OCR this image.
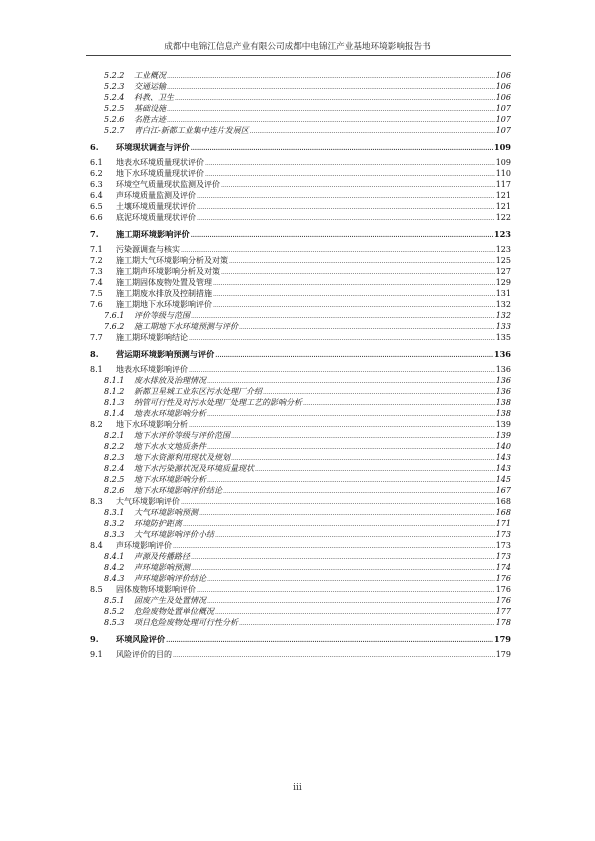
成都中电锦江信息产业有限公司成都中电锦江产业基地环境影响报告书
5.2.2	工业概况 .....	106
5.2.3	交通运输 .....	106
5.2.4	科教、卫生 .....	106
5.2.5	基础设施 .....	107
5.2.6	名胜古迹 .....	107
5.2.7	青白江-新都工业集中连片发展区 .....	107
6.	环境现状调查与评价 .....	109
6.1	地表水环境质量现状评价 .....	109
6.2	地下水环境质量现状评价 .....	110
6.3	环境空气质量现状监测及评价 .....	117
6.4	声环境质量监测及评价 .....	121
6.5	土壤环境质量现状评价 .....	121
6.6	底泥环境质量现状评价 .....	122
7.	施工期环境影响评价 .....	123
7.1	污染源调查与核实 .....	123
7.2	施工期大气环境影响分析及对策 .....	125
7.3	施工期声环境影响分析及对策 .....	127
7.4	施工期固体废物处置及管理 .....	129
7.5	施工期废水排放及控制措施 .....	131
7.6	施工期地下水环境影响评价 .....	132
7.6.1	评价等级与范围 .....	132
7.6.2	施工期地下水环境预测与评价 .....	133
7.7	施工期环境影响结论 .....	135
8.	营运期环境影响预测与评价 .....	136
8.1	地表水环境影响评价 .....	136
8.1.1	废水排放及治理情况 .....	136
8.1.2	新都卫星城工业东区污水处理厂介绍 .....	136
8.1.3	纳管可行性及对污水处理厂处理工艺的影响分析 .....	138
8.1.4	地表水环境影响分析 .....	138
8.2	地下水环境影响分析 .....	139
8.2.1	地下水评价等级与评价范围 .....	139
8.2.2	地下水水文地质条件 .....	140
8.2.3	地下水资源利用现状及规划 .....	143
8.2.4	地下水污染源状况及环境质量现状 .....	143
8.2.5	地下水环境影响分析 .....	145
8.2.6	地下水环境影响评价结论 .....	167
8.3	大气环境影响评价 .....	168
8.3.1	大气环境影响预测 .....	168
8.3.2	环境防护距离 .....	171
8.3.3	大气环境影响评价小结 .....	173
8.4	声环境影响评价 .....	173
8.4.1	声源及传播路径 .....	173
8.4.2	声环境影响预测 .....	174
8.4.3	声环境影响评价结论 .....	176
8.5	固体废物环境影响评价 .....	176
8.5.1	固废产生及处置情况 .....	176
8.5.2	危险废物处置单位概况 .....	177
8.5.3	项目危险废物处理可行性分析 .....	178
9.	环境风险评价 .....	179
9.1	风险评价的目的 .....	179
iii
